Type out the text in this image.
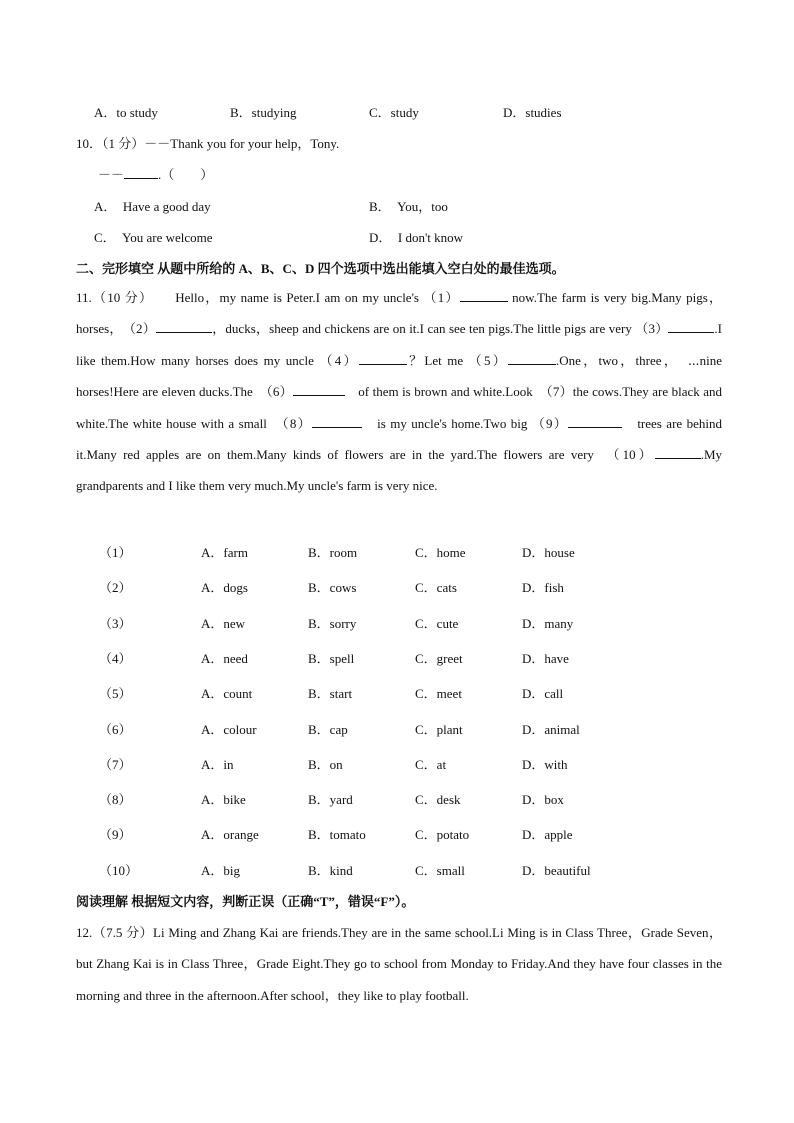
A．to study	B．studying	C．study	D．studies
10．（1 分）－－Thank you for your help，Tony.
－－	.（　　）
A．　Have a good day	B．　You，too
C．　You are welcome	D．　I don't know
二、完形填空 从题中所给的 A、B、C、D 四个选项中选出能填入空白处的最佳选项。
11.（10 分） Hello，my name is Peter.I am on my uncle's （1）	now.The farm is very big.Many pigs，horses，　（2）	，ducks，sheep and chickens are on it.I can see ten pigs.The little pigs are very （3）	.I like them.How many horses does my uncle （4）	？Let me （5）	.One，two，three，　⋯nine horses!Here are eleven ducks.The　（6）	　of them is brown and white.Look　（7）the cows.They are black and white.The white house with a small　（8）	　is my uncle's home.Two big （9）	　trees are behind it.Many red apples are on them.Many kinds of flowers are in the yard.The flowers are very　（10）	.My grandparents and I like them very much.My uncle's farm is very nice.
（1）	A．farm	B．room	C．home	D．house
（2）	A．dogs	B．cows	C．cats	D．fish
（3）	A．new	B．sorry	C．cute	D．many
（4）	A．need	B．spell	C．greet	D．have
（5）	A．count	B．start	C．meet	D．call
（6）	A．colour	B．cap	C．plant	D．animal
（7）	A．in	B．on	C．at	D．with
（8）	A．bike	B．yard	C．desk	D．box
（9）	A．orange	B．tomato	C．potato	D．apple
（10）	A．big	B．kind	C．small	D．beautiful
阅读理解 根据短文内容，判断正误（正确“T”，错误“F”）。
12.（7.5 分）Li Ming and Zhang Kai are friends.They are in the same school.Li Ming is in Class Three，Grade Seven，but Zhang Kai is in Class Three，Grade Eight.They go to school from Monday to Friday.And they have four classes in the morning and three in the afternoon.After school，they like to play football.
